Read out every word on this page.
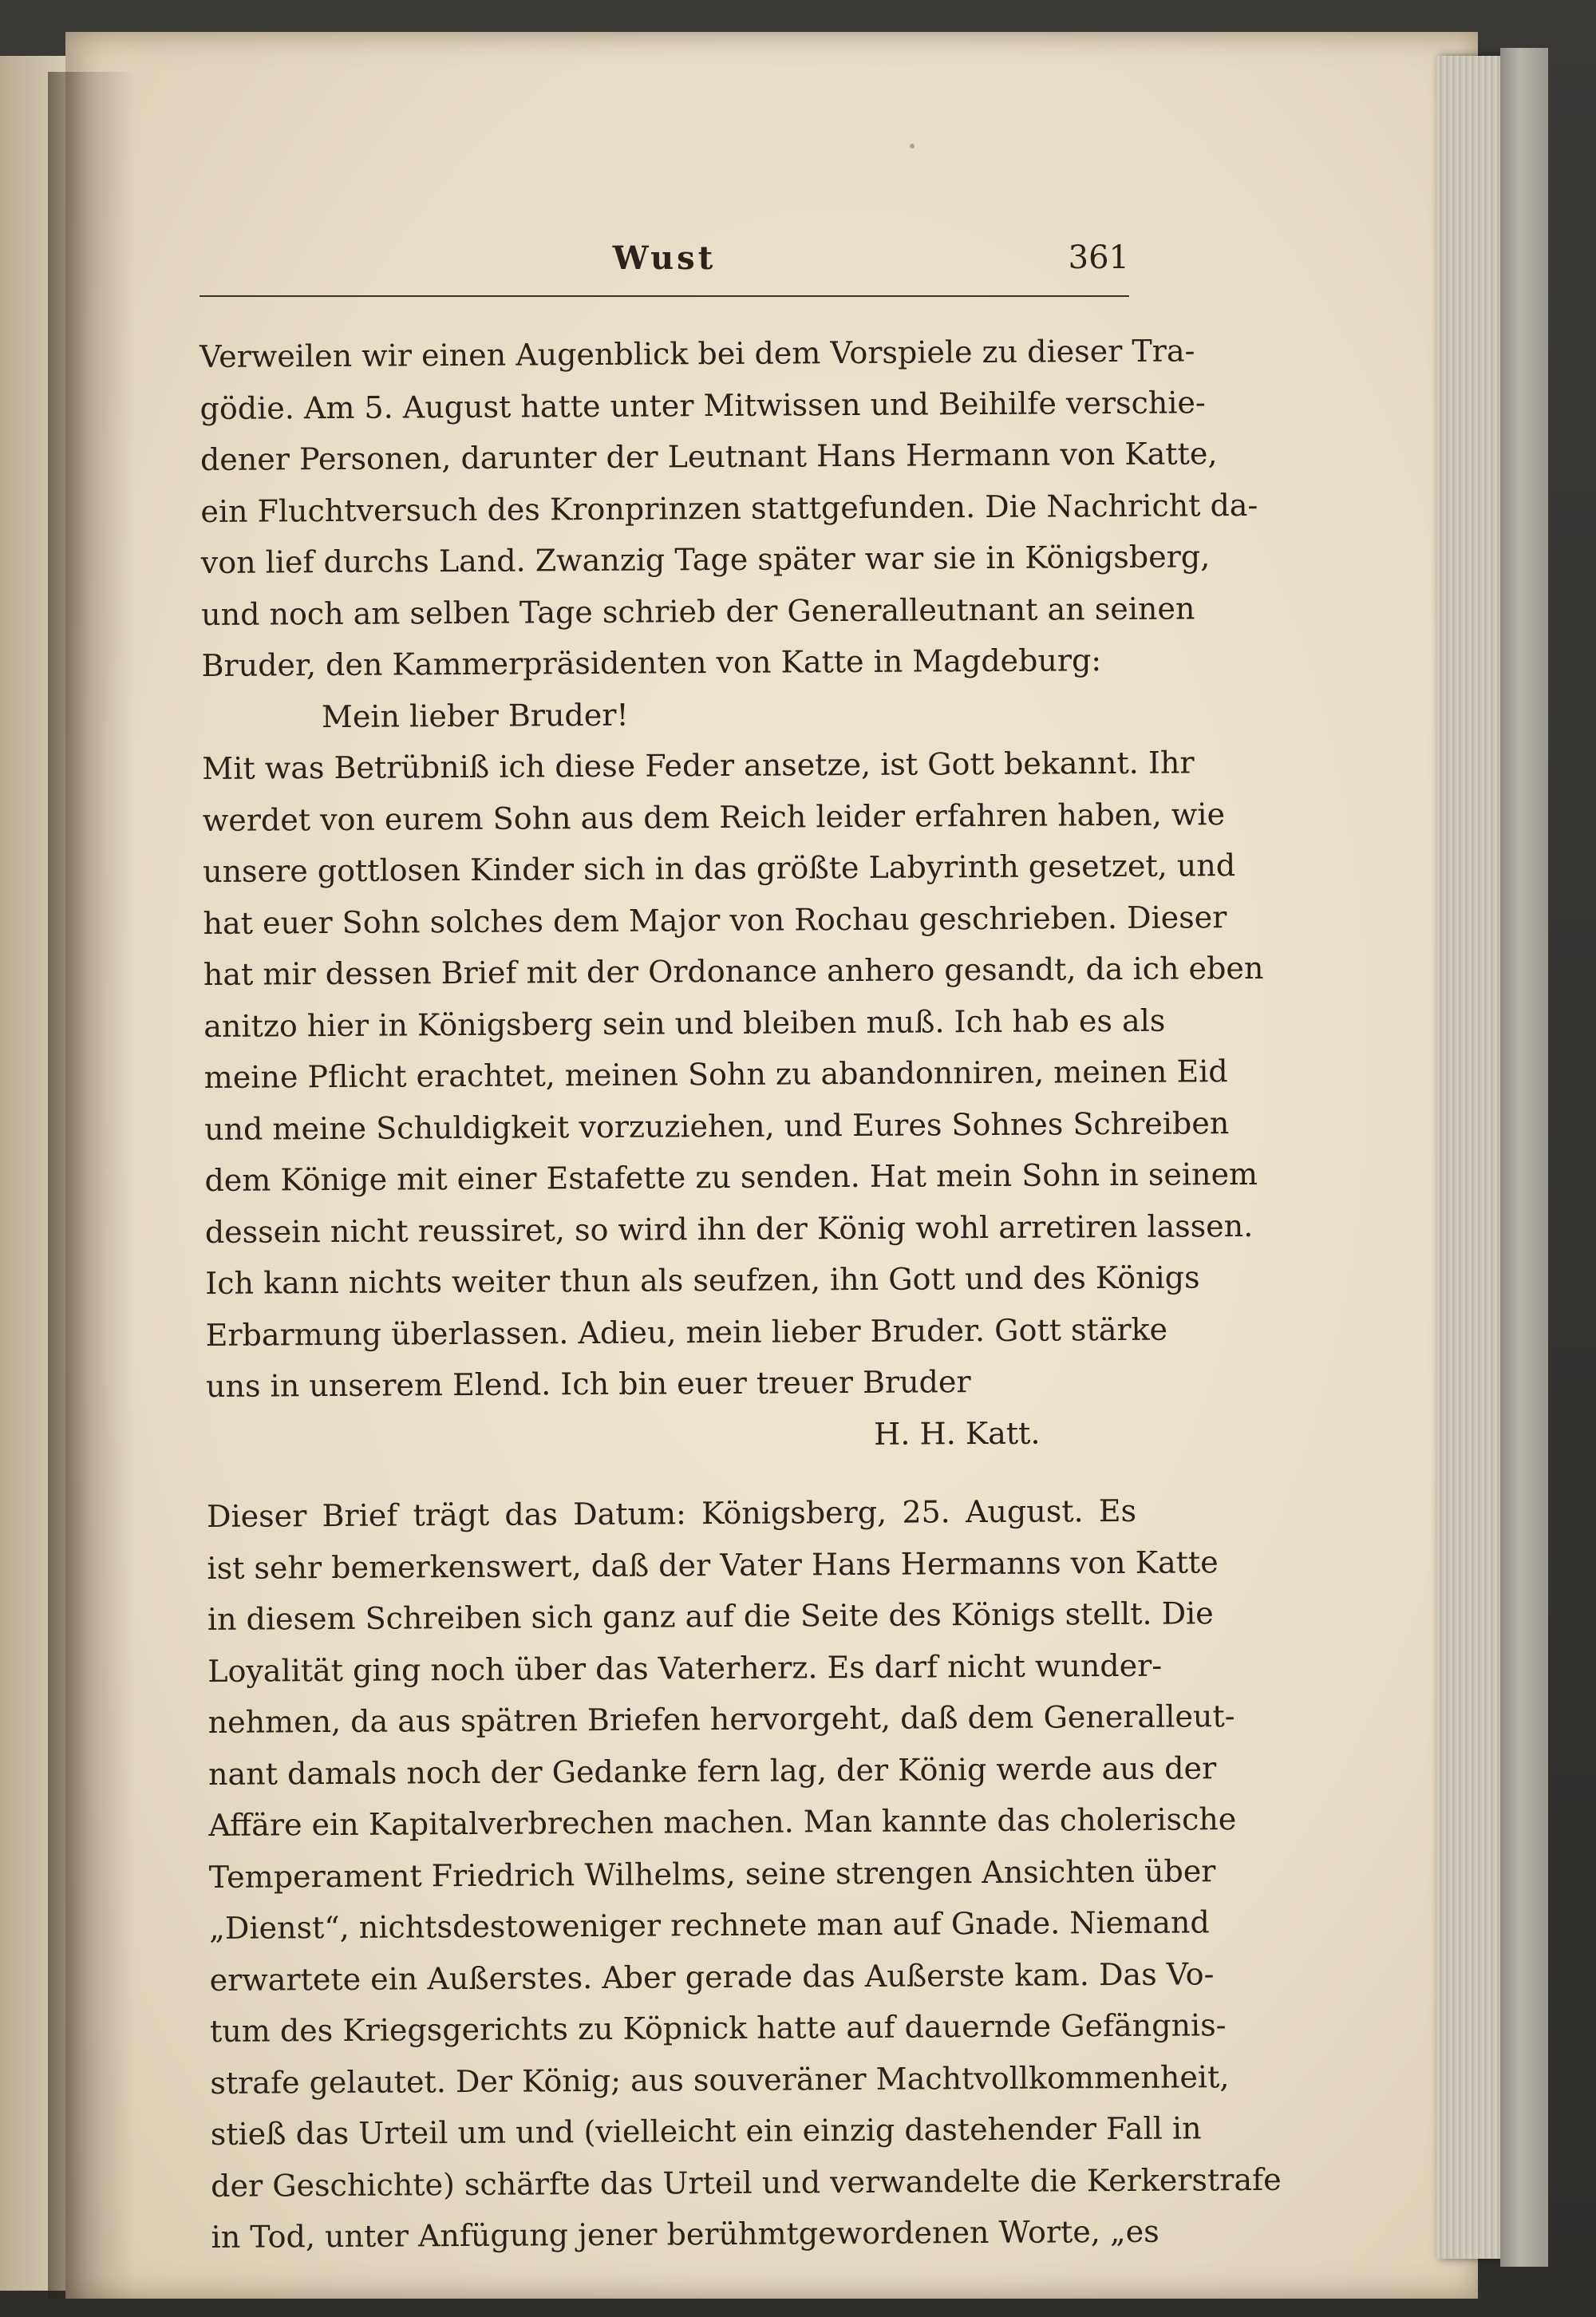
Wust	361
Verweilen wir einen Augenblick bei dem Vorspiele zu dieser Tra-
gödie. Am 5. August hatte unter Mitwissen und Beihilfe verschie-
dener Personen, darunter der Leutnant Hans Hermann von Katte,
ein Fluchtversuch des Kronprinzen stattgefunden. Die Nachricht da-
von lief durchs Land. Zwanzig Tage später war sie in Königsberg,
und noch am selben Tage schrieb der Generalleutnant an seinen
Bruder, den Kammerpräsidenten von Katte in Magdeburg:
Mein lieber Bruder!
Mit was Betrübniß ich diese Feder ansetze, ist Gott bekannt. Ihr
werdet von eurem Sohn aus dem Reich leider erfahren haben, wie
unsere gottlosen Kinder sich in das größte Labyrinth gesetzet, und
hat euer Sohn solches dem Major von Rochau geschrieben. Dieser
hat mir dessen Brief mit der Ordonance anhero gesandt, da ich eben
anitzo hier in Königsberg sein und bleiben muß. Ich hab es als
meine Pflicht erachtet, meinen Sohn zu abandonniren, meinen Eid
und meine Schuldigkeit vorzuziehen, und Eures Sohnes Schreiben
dem Könige mit einer Estafette zu senden. Hat mein Sohn in seinem
dessein nicht reussiret, so wird ihn der König wohl arretiren lassen.
Ich kann nichts weiter thun als seufzen, ihn Gott und des Königs
Erbarmung überlassen. Adieu, mein lieber Bruder. Gott stärke
uns in unserem Elend. Ich bin euer treuer Bruder
H. H. Katt.
Dieser Brief trägt das Datum: Königsberg, 25. August. Es
ist sehr bemerkenswert, daß der Vater Hans Hermanns von Katte
in diesem Schreiben sich ganz auf die Seite des Königs stellt. Die
Loyalität ging noch über das Vaterherz. Es darf nicht wunder-
nehmen, da aus spätren Briefen hervorgeht, daß dem Generalleut-
nant damals noch der Gedanke fern lag, der König werde aus der
Affäre ein Kapitalverbrechen machen. Man kannte das cholerische
Temperament Friedrich Wilhelms, seine strengen Ansichten über
„Dienst“, nichtsdestoweniger rechnete man auf Gnade. Niemand
erwartete ein Außerstes. Aber gerade das Außerste kam. Das Vo-
tum des Kriegsgerichts zu Köpnick hatte auf dauernde Gefängnis-
strafe gelautet. Der König; aus souveräner Machtvollkommenheit,
stieß das Urteil um und (vielleicht ein einzig dastehender Fall in
der Geschichte) schärfte das Urteil und verwandelte die Kerkerstrafe
in Tod, unter Anfügung jener berühmtgewordenen Worte, „es
